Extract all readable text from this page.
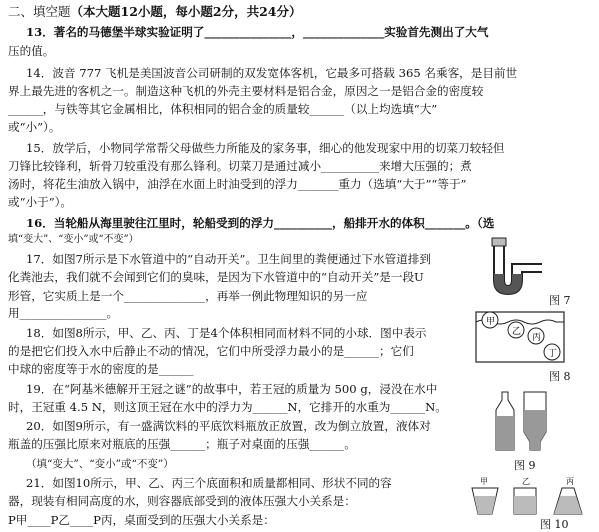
二、填空题（本大题12小题，每小题2分，共24分）
13．著名的马德堡半球实验证明了_______________，______________实验首先测出了大气
压的值。
14．波音 777 飞机是美国波音公司研制的双发宽体客机，它最多可搭载 365 名乘客，是目前世
界上最先进的客机之一。制造这种飞机的外壳主要材料是铝合金，原因之一是铝合金的密度较
______，与铁等其它金属相比，体积相同的铝合金的质量较______（以上均选填“大”
或“小”）。
15．放学后，小物同学常帮父母做些力所能及的家务事，细心的他发现家中用的切菜刀较轻但
刀锋比较锋利，斩骨刀较重没有那么锋利。切菜刀是通过减小__________来增大压强的；煮
汤时，将花生油放入锅中，油浮在水面上时油受到的浮力_______重力（选填“大于”“等于”
或“小于”）。
16．当轮船从海里驶往江里时，轮船受到的浮力__________，船排开水的体积_______。（选
填“变大”、“变小”或“不变”）
17．如图7所示是下水管道中的“自动开关”。卫生间里的粪便通过下水管道排到
化粪池去，我们就不会闻到它们的臭味，是因为下水管道中的“自动开关”是一段U
形管，它实质上是一个______________，再举一例此物理知识的另一应
用_______________。
18．如图8所示，甲、乙、丙、丁是4个体积相同而材料不同的小球．图中表示
的是把它们投入水中后静止不动的情况，它们中所受浮力最小的是______；它们
中球的密度等于水的密度的是______
19．在“阿基米德解开王冠之谜”的故事中，若王冠的质量为 500 g，浸没在水中
时，王冠重 4.5 N，则这顶王冠在水中的浮力为______N，它排开的水重为______N。
20．如图9所示，有一盛满饮料的平底饮料瓶放正放置，改为倒立放置，液体对
瓶盖的压强比原来对瓶底的压强______；瓶子对桌面的压强______。
（填“变大”、“变小”或“不变”）
21．如图10所示，甲、乙、丙三个底面积和质量都相同、形状不同的容
器，现装有相同高度的水，则容器底部受到的液体压强大小关系是：
P甲____P乙____P丙，桌面受到的压强大小关系是：
图 7
甲
乙
丙
丁
图 8
图 9
甲	乙	丙
图 10
